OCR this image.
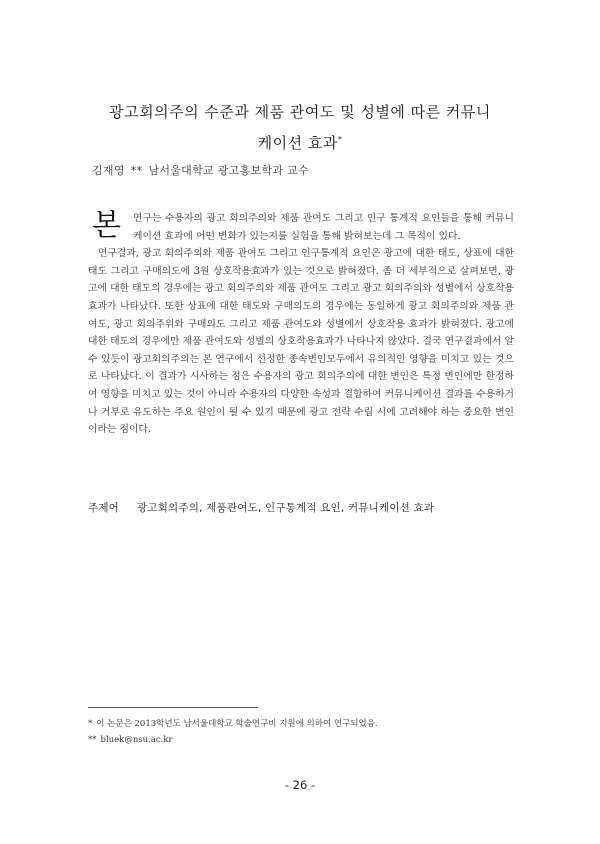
광고회의주의 수준과 제품 관여도 및 성별에 따른 커뮤니
케이션 효과*
김재영 ** 남서울대학교 광고홍보학과 교수
본	연구는 수용자의 광고 회의주의와 제품 관여도 그리고 인구 통계적 요인들을 통해 커뮤니케이션 효과에 어떤 변화가 있는지를 실험을 통해 밝혀보는데 그 목적이 있다.

연구결과, 광고 회의주의와 제품 관여도 그리고 인구통계적 요인은 광고에 대한 태도, 상표에 대한 태도 그리고 구매의도에 3원 상호작용효과가 있는 것으로 밝혀졌다. 좀 더 세부적으로 살펴보면, 광고에 대한 태도의 경우에는 광고 회의주의와 제품 관여도 그리고 광고 회의주의와 성별에서 상호작용효과가 나타났다. 또한 상표에 대한 태도와 구매의도의 경우에는 동일하게 광고 회의주의와 제품 관여도, 광고 회의주위와 구매의도 그리고 제품 관여도와 성별에서 상호작용 효과가 밝혀졌다. 광고에 대한 태도의 경우에만 제품 관여도와 성별의 상호작용효과가 나타나지 않았다. 결국 연구결과에서 알 수 있듯이 광고회의주의는 본 연구에서 선정한 종속변인모두에서 유의적인 영향을 미치고 있는 것으로 나타났다. 이 결과가 시사하는 점은 수용자의 광고 회의주의에 대한 변인은 특정 변인에만 한정하여 영향을 미치고 있는 것이 아니라 수용자의 다양한 속성과 결합하여 커뮤니케이션 결과를 수용하거나 거부로 유도하는 주요 원인이 될 수 있기 때문에 광고 전략 수립 시에 고려해야 하는 중요한 변인이라는 점이다.

주제어 광고회의주의, 제품관여도, 인구통계적 요인, 커뮤니케이션 효과
* 이 논문은 2013학년도 남서울대학교 학술연구비 지원에 의하여 연구되었음.
** bluek@nsu.ac.kr
- 26 -
